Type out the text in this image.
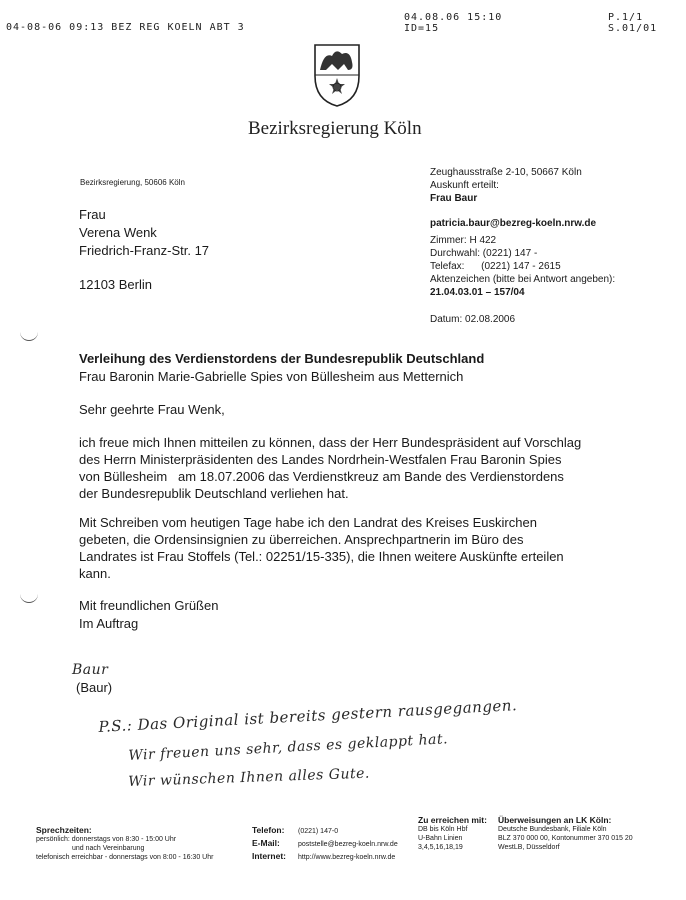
04-08-06 09:13 BEZ REG KOELN ABT 3
04.08.06 15:10
ID=15
P.1/1
S.01/01
Bezirksregierung Köln
Bezirksregierung, 50606 Köln
Frau
Verena Wenk
Friedrich-Franz-Str. 17
12103 Berlin
Zeughausstraße 2-10, 50667 Köln
Auskunft erteilt:
Frau Baur
patricia.baur@bezreg-koeln.nrw.de
Zimmer: H 422
Durchwahl: (0221) 147 -
Telefax:      (0221) 147 - 2615
Aktenzeichen (bitte bei Antwort angeben):
21.04.03.01 – 157/04
Datum: 02.08.2006
Verleihung des Verdienstordens der Bundesrepublik Deutschland
Frau Baronin Marie-Gabrielle Spies von Büllesheim aus Metternich
Sehr geehrte Frau Wenk,
ich freue mich Ihnen mitteilen zu können, dass der Herr Bundespräsident auf Vorschlag
des Herrn Ministerpräsidenten des Landes Nordrhein-Westfalen Frau Baronin Spies
von Büllesheim   am 18.07.2006 das Verdienstkreuz am Bande des Verdienstordens
der Bundesrepublik Deutschland verliehen hat.
Mit Schreiben vom heutigen Tage habe ich den Landrat des Kreises Euskirchen
gebeten, die Ordensinsignien zu überreichen. Ansprechpartnerin im Büro des
Landrates ist Frau Stoffels (Tel.: 02251/15-335), die Ihnen weitere Auskünfte erteilen
kann.
Mit freundlichen Grüßen
Im Auftrag
Baur
(Baur)
P.S.: Das Original ist bereits gestern rausgegangen.
Wir freuen uns sehr, dass es geklappt hat.
Wir wünschen Ihnen alles Gute.
Sprechzeiten:
persönlich: donnerstags von 8:30 - 15:00 Uhr
und nach Vereinbarung
telefonisch erreichbar - donnerstags von 8:00 - 16:30 Uhr
Telefon: (0221) 147-0
E-Mail:	poststelle@bezreg-koeln.nrw.de
Internet: http://www.bezreg-koeln.nrw.de
Zu erreichen mit:
DB bis Köln Hbf
U-Bahn Linien
3,4,5,16,18,19
Überweisungen an LK Köln:
Deutsche Bundesbank, Filiale Köln
BLZ 370 000 00, Kontonummer 370 015 20
WestLB, Düsseldorf
